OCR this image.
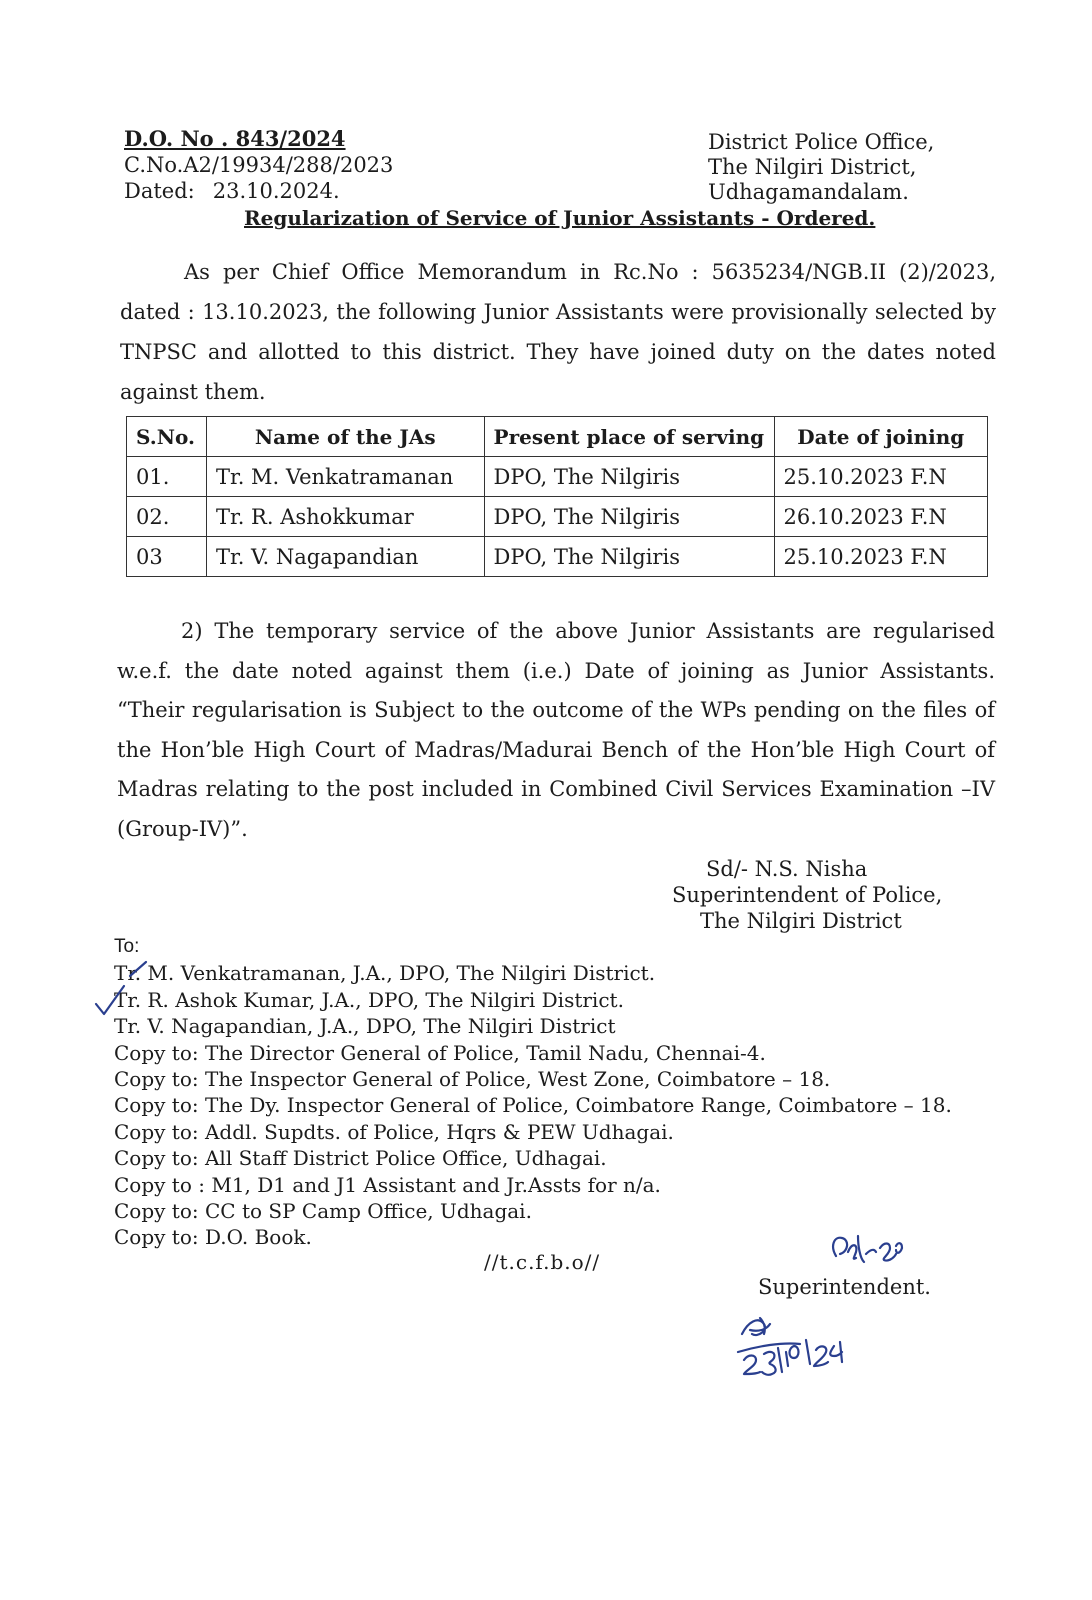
D.O. No . 843/2024
C.No.A2/19934/288/2023
Dated: 23.10.2024.
District Police Office,
The Nilgiri District,
Udhagamandalam.
Regularization of Service of Junior Assistants - Ordered.

As per Chief Office Memorandum in Rc.No : 5635234/NGB.II (2)/2023, dated : 13.10.2023, the following Junior Assistants were provisionally selected by TNPSC and allotted to this district. They have joined duty on the dates noted against them.

S.No.	Name of the JAs	Present place of serving	Date of joining
01.	Tr. M. Venkatramanan	DPO, The Nilgiris	25.10.2023 F.N
02.	Tr. R. Ashokkumar	DPO, The Nilgiris	26.10.2023 F.N
03	Tr. V. Nagapandian	DPO, The Nilgiris	25.10.2023 F.N

2) The temporary service of the above Junior Assistants are regularised w.e.f. the date noted against them (i.e.) Date of joining as Junior Assistants. “Their regularisation is Subject to the outcome of the WPs pending on the files of the Hon’ble High Court of Madras/Madurai Bench of the Hon’ble High Court of Madras relating to the post included in Combined Civil Services Examination –IV (Group-IV)”.

Sd/- N.S. Nisha
Superintendent of Police,
The Nilgiri District
To:
Tr. M. Venkatramanan, J.A., DPO, The Nilgiri District.
Tr. R. Ashok Kumar, J.A., DPO, The Nilgiri District.
Tr. V. Nagapandian, J.A., DPO, The Nilgiri District
Copy to: The Director General of Police, Tamil Nadu, Chennai-4.
Copy to: The Inspector General of Police, West Zone, Coimbatore – 18.
Copy to: The Dy. Inspector General of Police, Coimbatore Range, Coimbatore – 18.
Copy to: Addl. Supdts. of Police, Hqrs & PEW Udhagai.
Copy to: All Staff District Police Office, Udhagai.
Copy to : M1, D1 and J1 Assistant and Jr.Assts for n/a.
Copy to: CC to SP Camp Office, Udhagai.
Copy to: D.O. Book.
//t.c.f.b.o//
Superintendent.
